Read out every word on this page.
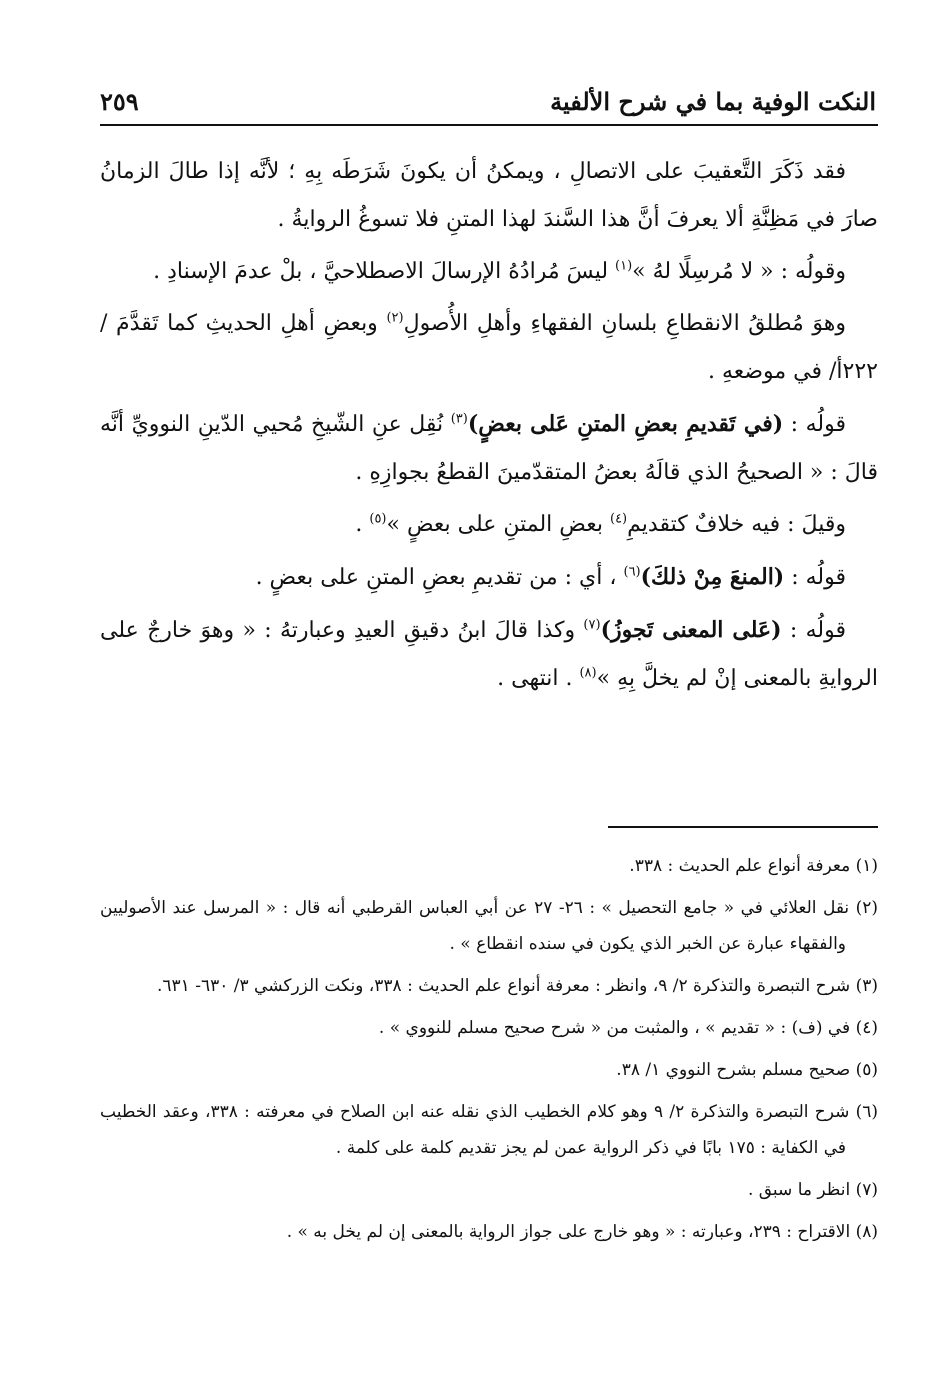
النكت الوفية بما في شرح الألفية
٢٥٩

فقد ذَكَرَ التَّعقيبَ على الاتصالِ ، ويمكنُ أن يكونَ شَرَطَه بِهِ ؛ لأنَّه إذا طالَ الزمانُ صارَ في مَظِنَّةِ ألا يعرفَ أنَّ هذا السَّندَ لهذا المتنِ فلا تسوغُ الروايةُ .

وقولُه : « لا مُرسِلًا لهُ »$^{(١)}$ ليسَ مُرادُهُ الإرسالَ الاصطلاحيَّ ، بلْ عدمَ الإسنادِ .

وهوَ مُطلقُ الانقطاعِ بلسانِ الفقهاءِ وأهلِ الأُصولِ$^{(٢)}$ وبعضِ أهلِ الحديثِ كما تَقدَّمَ /٢٢٢أ/ في موضعهِ .

قولُه : (في تَقديمِ بعضِ المتنِ عَلى بعضٍ)$^{(٣)}$ نُقِل عنِ الشّيخِ مُحيي الدّينِ النوويِّ أنَّه قالَ : « الصحيحُ الذي قالَهُ بعضُ المتقدّمينَ القطعُ بجوازِهِ .

وقيلَ : فيه خلافٌ كتقديمِ$^{(٤)}$ بعضِ المتنِ على بعضٍ »$^{(٥)}$ .

قولُه : (المنعَ مِنْ ذلكَ)$^{(٦)}$ ، أي : من تقديمِ بعضِ المتنِ على بعضٍ .

قولُه : (عَلى المعنى تَجوزُ)$^{(٧)}$ وكذا قالَ ابنُ دقيقِ العيدِ وعبارتهُ : « وهوَ خارجٌ على الروايةِ بالمعنى إنْ لم يخلَّ بِهِ »$^{(٨)}$ . انتهى .

(١) معرفة أنواع علم الحديث : ٣٣٨.

(٢) نقل العلائي في « جامع التحصيل » : ٢٦- ٢٧ عن أبي العباس القرطبي أنه قال : « المرسل عند الأصوليين والفقهاء عبارة عن الخبر الذي يكون في سنده انقطاع » .

(٣) شرح التبصرة والتذكرة ٢/ ٩، وانظر : معرفة أنواع علم الحديث : ٣٣٨، ونكت الزركشي ٣/ ٦٣٠- ٦٣١.

(٤) في (ف) : « تقديم » ، والمثبت من « شرح صحيح مسلم للنووي » .

(٥) صحيح مسلم بشرح النووي ١/ ٣٨.

(٦) شرح التبصرة والتذكرة ٢/ ٩ وهو كلام الخطيب الذي نقله عنه ابن الصلاح في معرفته : ٣٣٨، وعقد الخطيب في الكفاية : ١٧٥ بابًا في ذكر الرواية عمن لم يجز تقديم كلمة على كلمة .

(٧) انظر ما سبق .

(٨) الاقتراح : ٢٣٩، وعبارته : « وهو خارج على جواز الرواية بالمعنى إن لم يخل به » .
